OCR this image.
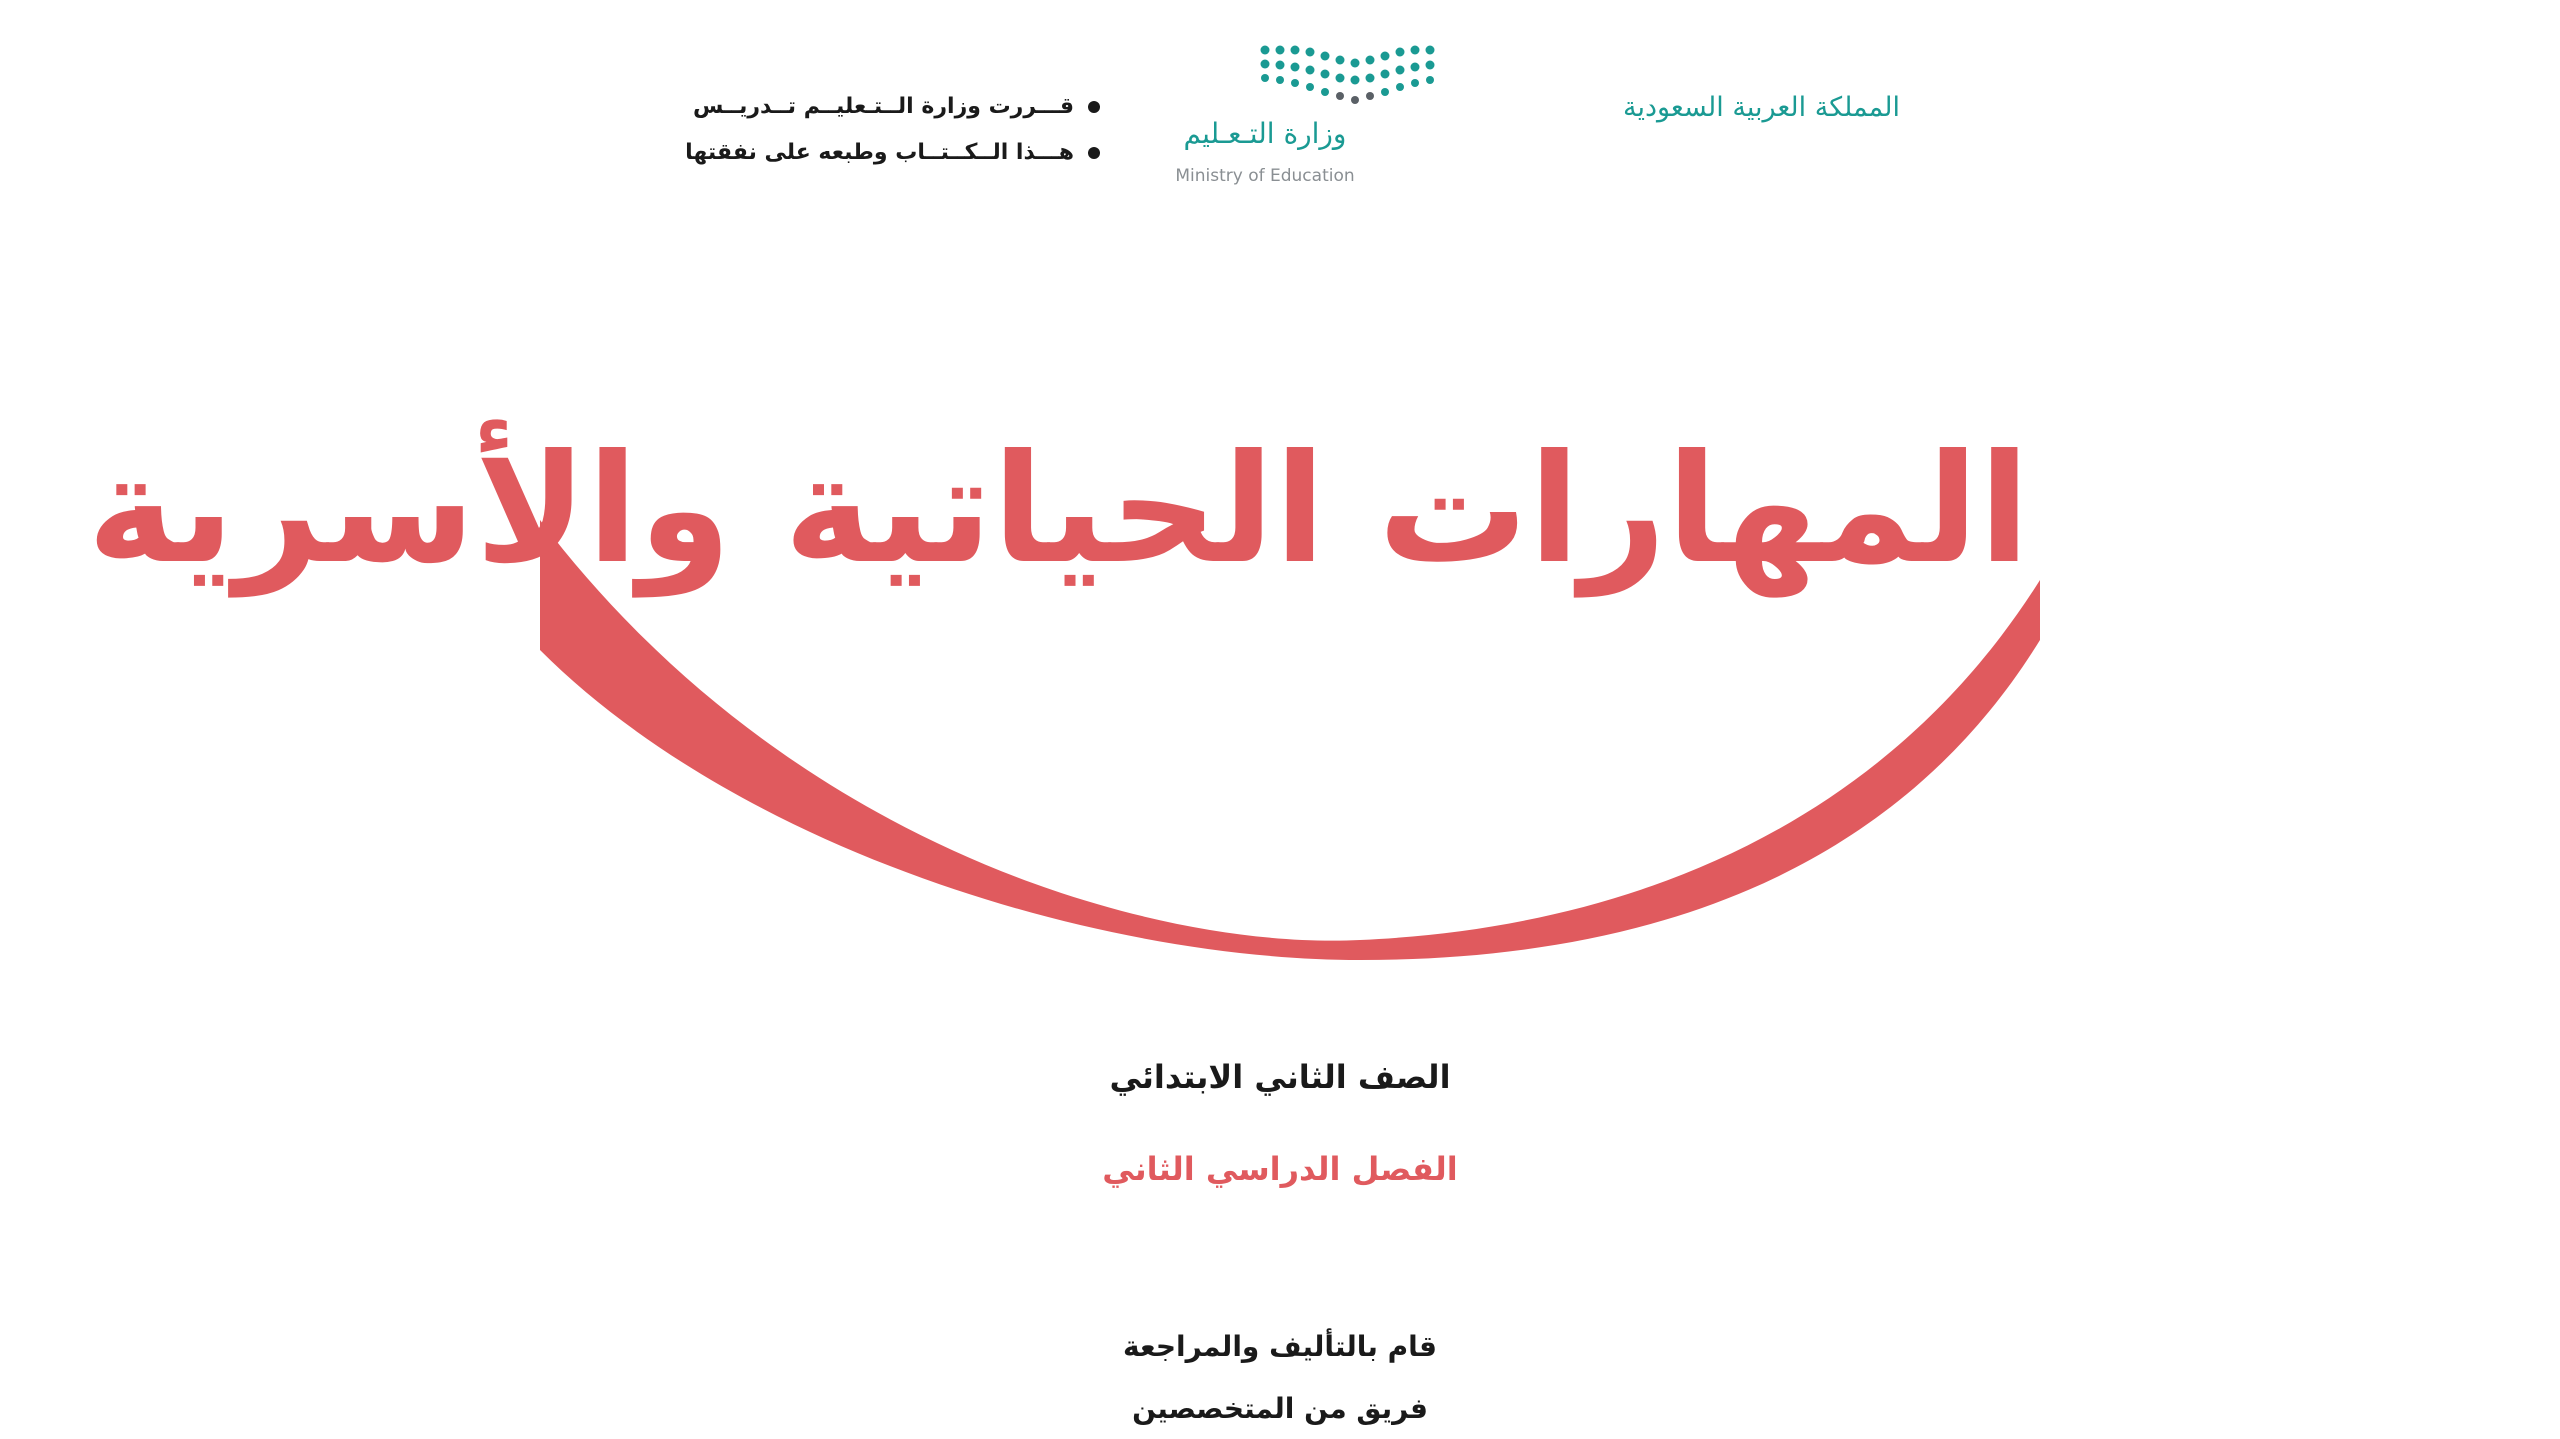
المملكة العربية السعودية
وزارة التـعـليم
Ministry of Education
قـــررت وزارة الــتـعليــم تــدريــس
هـــذا الــكــتــاب وطبعه على نفقتها
المهارات الحياتية والأسرية
الصف الثاني الابتدائي
الفصل الدراسي الثاني
قام بالتأليف والمراجعة
فريق من المتخصصين
